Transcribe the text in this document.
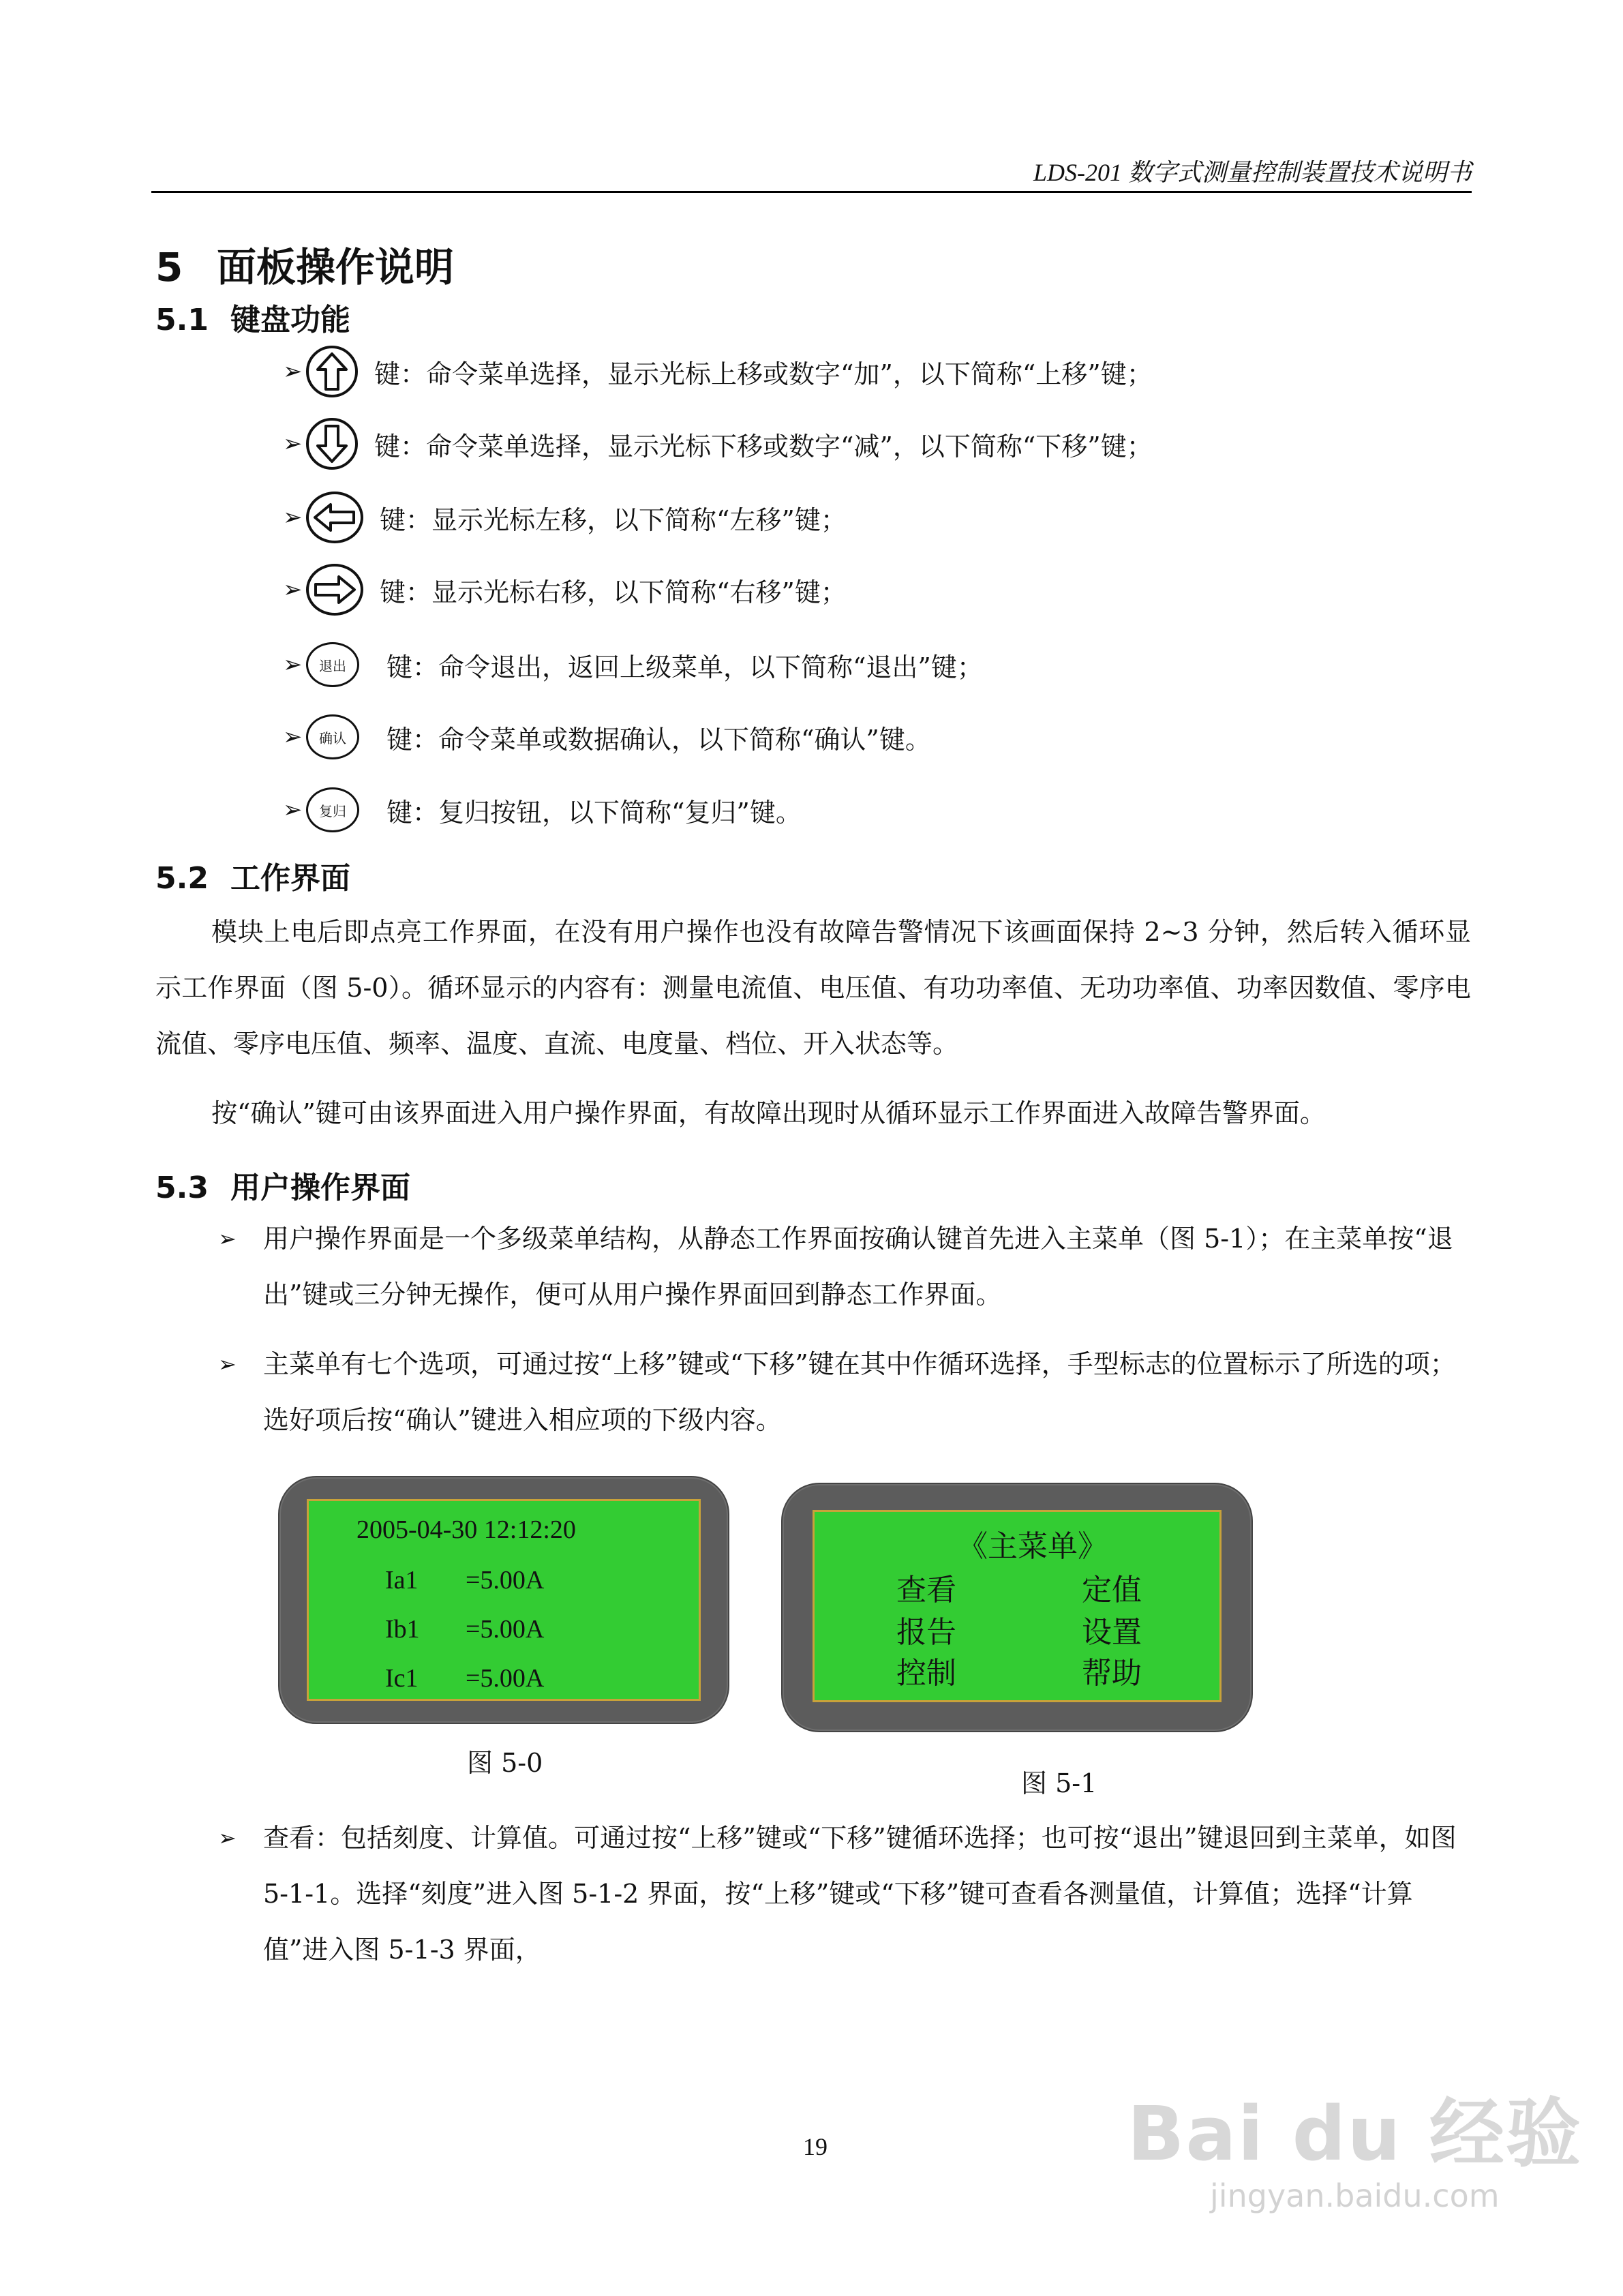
LDS-201 数字式测量控制装置技术说明书
5 面板操作说明
5.1 键盘功能
➢	键：命令菜单选择，显示光标上移或数字“加”，以下简称“上移”键；
➢	键：命令菜单选择，显示光标下移或数字“减”，以下简称“下移”键；
➢	键：显示光标左移，以下简称“左移”键；
➢	键：显示光标右移，以下简称“右移”键；
➢	退出	键：命令退出，返回上级菜单，以下简称“退出”键；
➢	确认	键：命令菜单或数据确认，以下简称“确认”键。
➢	复归	键：复归按钮，以下简称“复归”键。
5.2 工作界面
模块上电后即点亮工作界面，在没有用户操作也没有故障告警情况下该画面保持 2~3 分钟，然后转入循环显示工作界面（图 5-0）。循环显示的内容有：测量电流值、电压值、有功功率值、无功功率值、功率因数值、零序电流值、零序电压值、频率、温度、直流、电度量、档位、开入状态等。
按“确认”键可由该界面进入用户操作界面，有故障出现时从循环显示工作界面进入故障告警界面。
5.3 用户操作界面
➢	用户操作界面是一个多级菜单结构，从静态工作界面按确认键首先进入主菜单（图 5-1）；在主菜单按“退出”键或三分钟无操作，便可从用户操作界面回到静态工作界面。
➢	主菜单有七个选项，可通过按“上移”键或“下移”键在其中作循环选择，手型标志的位置标示了所选的项；选好项后按“确认”键进入相应项的下级内容。
2005-04-30 12:12:20
Ia1 =5.00A
Ib1 =5.00A
Ic1 =5.00A
图 5-0
《主菜单》
查看	定值
报告	设置
控制	帮助
图 5-1
➢	查看：包括刻度、计算值。可通过按“上移”键或“下移”键循环选择；也可按“退出”键退回到主菜单，如图 5-1-1。选择“刻度”进入图 5-1-2 界面，按“上移”键或“下移”键可查看各测量值，计算值；选择“计算值”进入图 5-1-3 界面，
19	Bai du 经验
jingyan.baidu.com
